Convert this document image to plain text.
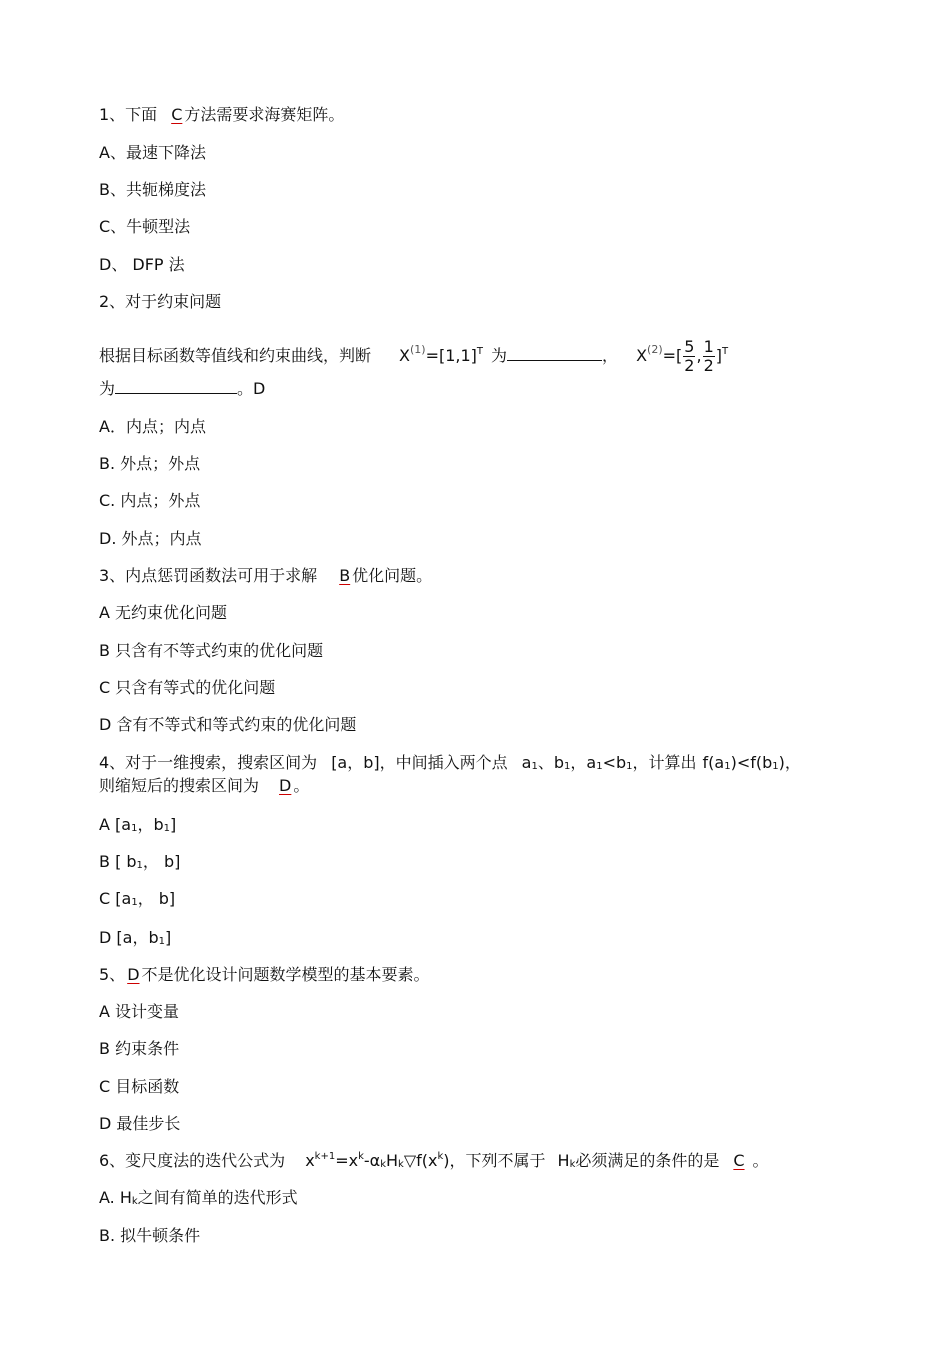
1、下面 C 方法需要求海赛矩阵。
A、最速下降法
B、共轭梯度法
C、牛顿型法
D、 DFP 法
2、对于约束问题
根据目标函数等值线和约束曲线，判断 $X^{(1)}=[1,1]^T$ 为	， $X^{(2)}=[ \frac{5}{2}$ , $\frac{1}{2} ]^T$
为	。D
A．内点；内点
B. 外点；外点
C. 内点；外点
D. 外点；内点
3、内点惩罚函数法可用于求解 B 优化问题。
A 无约束优化问题
B 只含有不等式约束的优化问题
C 只含有等式的优化问题
D 含有不等式和等式约束的优化问题
4、对于一维搜索，搜索区间为 [a，b]，中间插入两个点 $a_1$、$b_1$，$a_1<b_1$，计算出 $f(a_1)<f(b_1)$，
则缩短后的搜索区间为 D 。
A [$a_1$，$b_1$]
B [ $b_1$， b]
C [$a_1$， b]
D [a，$b_1$]
5、 D 不是优化设计问题数学模型的基本要素。
A 设计变量
B 约束条件
C 目标函数
D 最佳步长
6、变尺度法的迭代公式为 $x^{k+1}=x^k-\alpha_kH_k▽f(x^k)$，下列不属于 $H_k$必须满足的条件的是 C 。
A. $H_k$之间有简单的迭代形式
B. 拟牛顿条件
